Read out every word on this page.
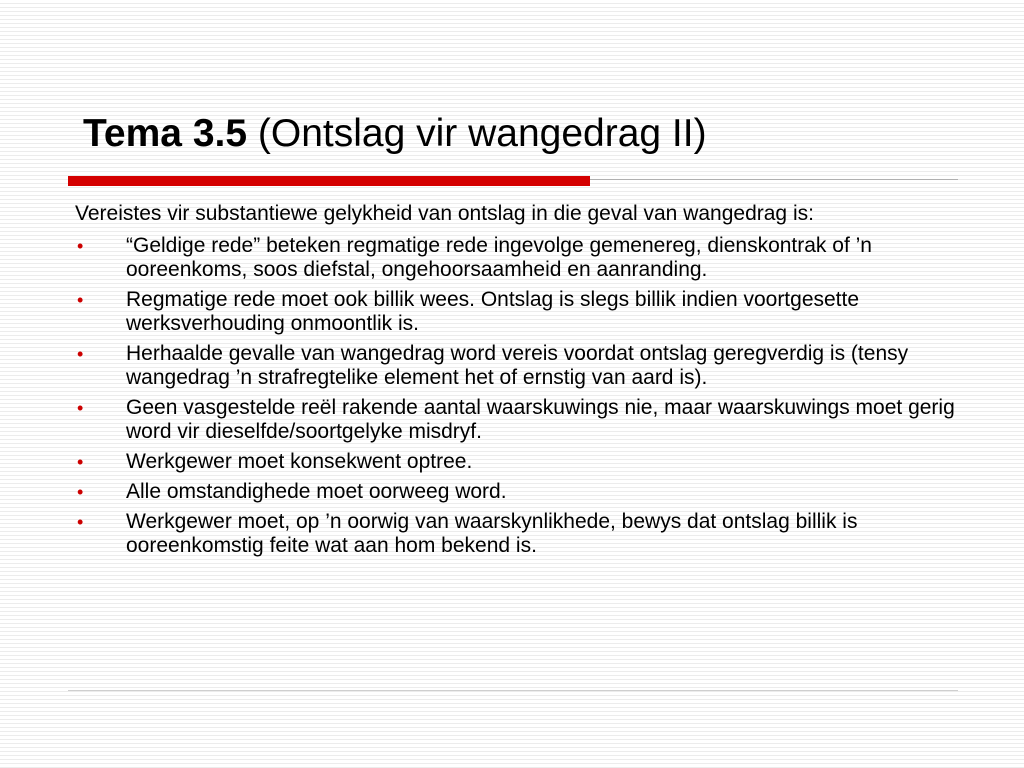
Tema 3.5 (Ontslag vir wangedrag II)

Vereistes vir substantiewe gelykheid van ontslag in die geval van wangedrag is:

• “Geldige rede” beteken regmatige rede ingevolge gemenereg, dienskontrak of ’n ooreenkoms, soos diefstal, ongehoorsaamheid en aanranding.
• Regmatige rede moet ook billik wees. Ontslag is slegs billik indien voortgesette werksverhouding onmoontlik is.
• Herhaalde gevalle van wangedrag word vereis voordat ontslag geregverdig is (tensy wangedrag ’n strafregtelike element het of ernstig van aard is).
• Geen vasgestelde reël rakende aantal waarskuwings nie, maar waarskuwings moet gerig word vir dieselfde/soortgelyke misdryf.
• Werkgewer moet konsekwent optree.
• Alle omstandighede moet oorweeg word.
• Werkgewer moet, op ’n oorwig van waarskynlikhede, bewys dat ontslag billik is ooreenkomstig feite wat aan hom bekend is.
